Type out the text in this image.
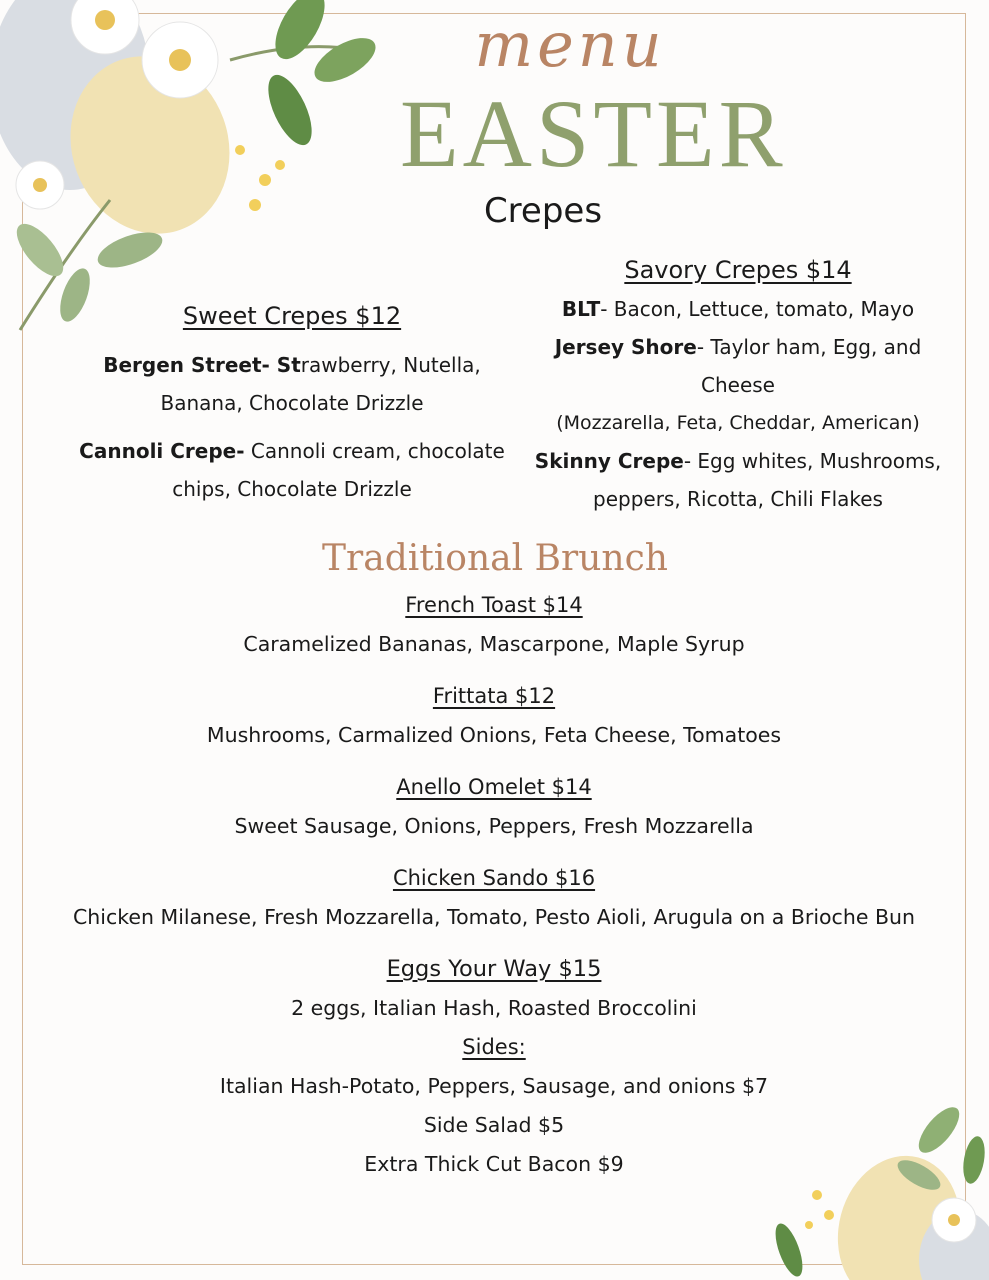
menu
EASTER
Crepes
Sweet Crepes $12
Bergen Street- Strawberry, Nutella, Banana, Chocolate Drizzle
Cannoli Crepe- Cannoli cream, chocolate chips, Chocolate Drizzle
Savory Crepes $14
BLT- Bacon, Lettuce, tomato, Mayo
Jersey Shore- Taylor ham, Egg, and Cheese
(Mozzarella, Feta, Cheddar, American)
Skinny Crepe- Egg whites, Mushrooms, peppers, Ricotta, Chili Flakes
Traditional Brunch
French Toast $14
Caramelized Bananas, Mascarpone, Maple Syrup
Frittata $12
Mushrooms, Carmalized Onions, Feta Cheese, Tomatoes
Anello Omelet $14
Sweet Sausage, Onions, Peppers, Fresh Mozzarella
Chicken Sando $16
Chicken Milanese, Fresh Mozzarella, Tomato, Pesto Aioli, Arugula on a Brioche Bun
Eggs Your Way $15
2 eggs, Italian Hash, Roasted Broccolini
Sides:
Italian Hash-Potato, Peppers, Sausage, and onions $7
Side Salad $5
Extra Thick Cut Bacon $9
